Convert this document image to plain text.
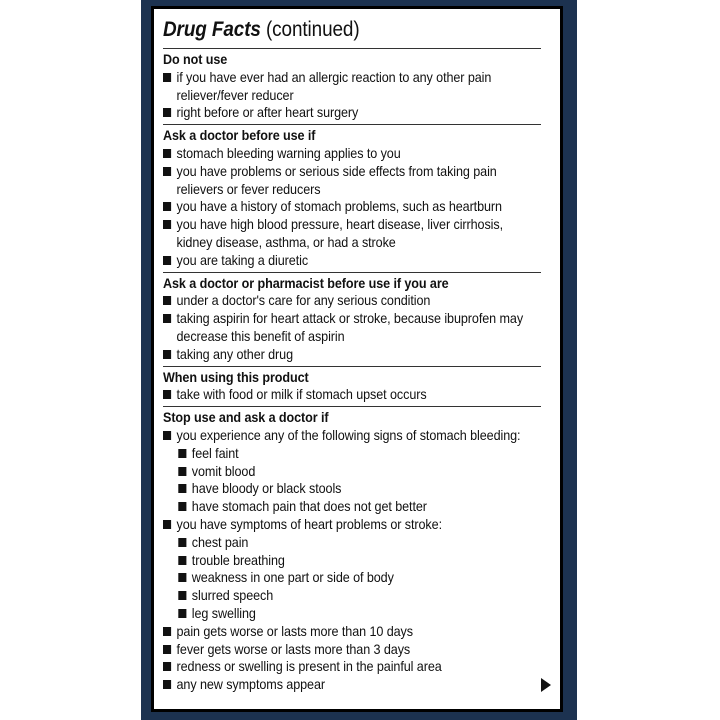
Drug Facts (continued)
Do not use
if you have ever had an allergic reaction to any other pain reliever/fever reducer
right before or after heart surgery
Ask a doctor before use if
stomach bleeding warning applies to you
you have problems or serious side effects from taking pain relievers or fever reducers
you have a history of stomach problems, such as heartburn
you have high blood pressure, heart disease, liver cirrhosis, kidney disease, asthma, or had a stroke
you are taking a diuretic
Ask a doctor or pharmacist before use if you are
under a doctor's care for any serious condition
taking aspirin for heart attack or stroke, because ibuprofen may decrease this benefit of aspirin
taking any other drug
When using this product
take with food or milk if stomach upset occurs
Stop use and ask a doctor if
you experience any of the following signs of stomach bleeding:
feel faint
vomit blood
have bloody or black stools
have stomach pain that does not get better
you have symptoms of heart problems or stroke:
chest pain
trouble breathing
weakness in one part or side of body
slurred speech
leg swelling
pain gets worse or lasts more than 10 days
fever gets worse or lasts more than 3 days
redness or swelling is present in the painful area
any new symptoms appear
